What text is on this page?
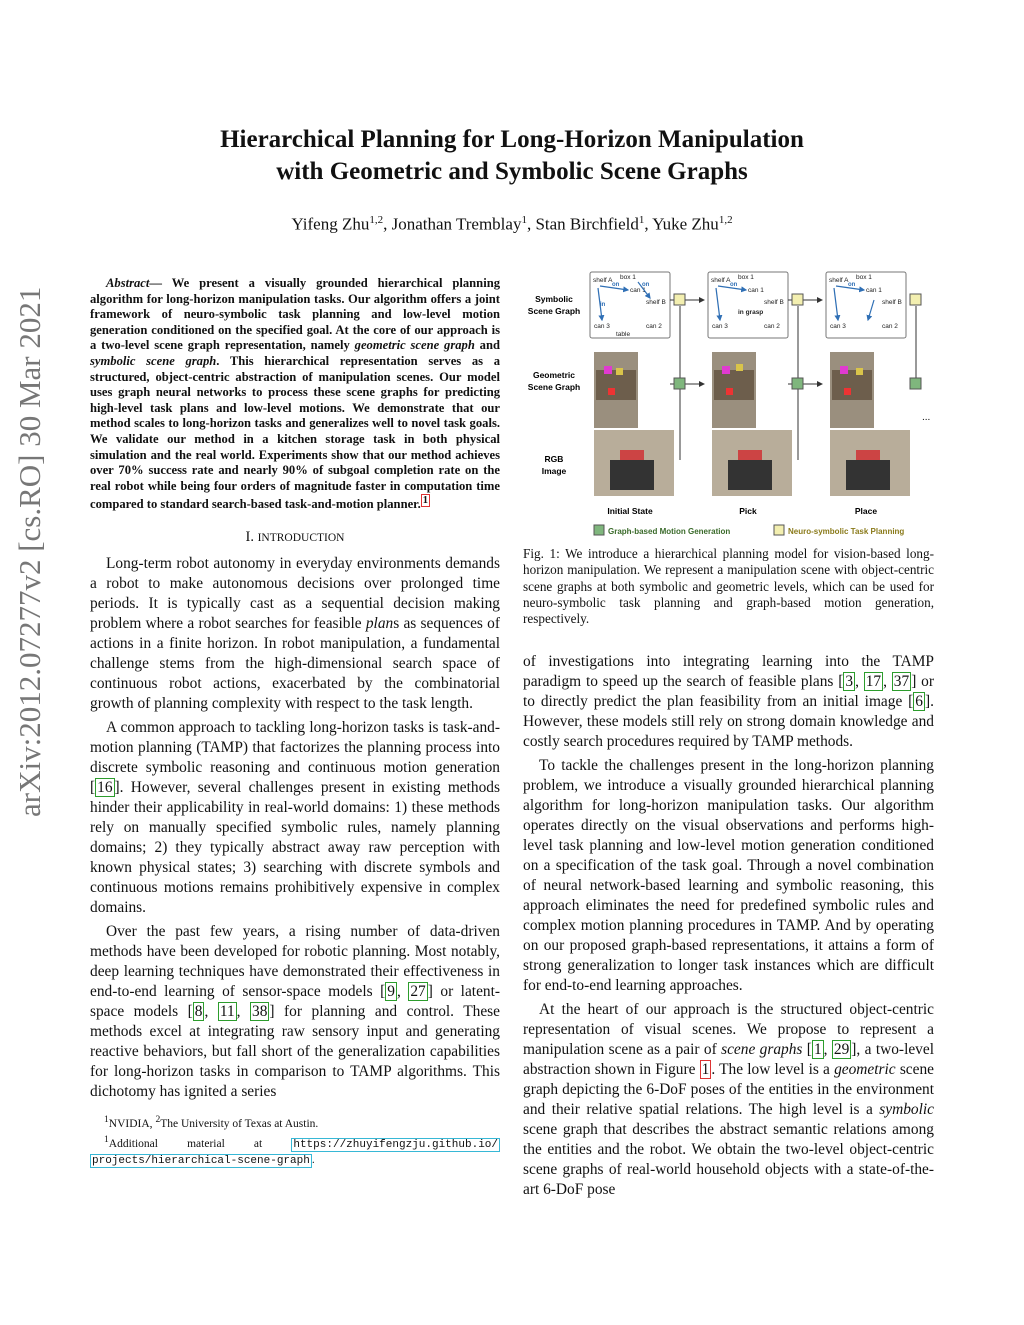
Hierarchical Planning for Long-Horizon Manipulation
with Geometric and Symbolic Scene Graphs
Yifeng Zhu$^{1,2}$, Jonathan Tremblay$^1$, Stan Birchfield$^1$, Yuke Zhu$^{1,2}$
arXiv:2012.07277v2 [cs.RO] 30 Mar 2021

Abstract— We present a visually grounded hierarchical planning algorithm for long-horizon manipulation tasks. Our algorithm offers a joint framework of neuro-symbolic task planning and low-level motion generation conditioned on the specified goal. At the core of our approach is a two-level scene graph representation, namely geometric scene graph and symbolic scene graph. This hierarchical representation serves as a structured, object-centric abstraction of manipulation scenes. Our model uses graph neural networks to process these scene graphs for predicting high-level task plans and low-level motions. We demonstrate that our method scales to long-horizon tasks and generalizes well to novel task goals. We validate our method in a kitchen storage task in both physical simulation and the real world. Experiments show that our method achieves over 70% success rate and nearly 90% of subgoal completion rate on the real robot while being four orders of magnitude faster in computation time compared to standard search-based task-and-motion planner. $^1$

I. INTRODUCTION

Long-term robot autonomy in everyday environments demands a robot to make autonomous decisions over prolonged time periods. It is typically cast as a sequential decision making problem where a robot searches for feasible plans as sequences of actions in a finite horizon. In robot manipulation, a fundamental challenge stems from the high-dimensional search space of continuous robot actions, exacerbated by the combinatorial growth of planning complexity with respect to the task length.

A common approach to tackling long-horizon tasks is task-and-motion planning (TAMP) that factorizes the planning process into discrete symbolic reasoning and continuous motion generation [ 16 ]. However, several challenges present in existing methods hinder their applicability in real-world domains: 1) these methods rely on manually specified symbolic rules, namely planning domains; 2) they typically abstract away raw perception with known physical states; 3) searching with discrete symbols and continuous motions remains prohibitively expensive in complex domains.

Over the past few years, a rising number of data-driven methods have been developed for robotic planning. Most notably, deep learning techniques have demonstrated their effectiveness in end-to-end learning of sensor-space models [ 9 , 27 ] or latent-space models [ 8 , 11 , 38 ] for planning and control. These methods excel at integrating raw sensory input and generating reactive behaviors, but fall short of the generalization capabilities for long-horizon tasks in comparison to TAMP algorithms. This dichotomy has ignited a series

$^1$NVIDIA, $^2$The University of Texas at Austin.
$^1$Additional material at https://zhuyifengzju.github.io/ projects/hierarchical-scene-graph .
Symbolic
Scene Graph
Geometric
Scene Graph
RGB
Image
shelf A box 1
can 1
shelf B
can 3	can 2
table
shelf A box 1
can 1
shelf B
can 3	can 2
in grasp
shelf A box 1
can 1
shelf B
can 3	can 2
on	on	on
in
on
...
Initial State	Pick	Place
Graph-based Motion Generation	Neuro-symbolic Task Planning
Fig. 1: We introduce a hierarchical planning model for vision-based long-horizon manipulation. We represent a manipulation scene with object-centric scene graphs at both symbolic and geometric levels, which can be used for neuro-symbolic task planning and graph-based motion generation, respectively.

of investigations into integrating learning into the TAMP paradigm to speed up the search of feasible plans [ 3 , 17 , 37 ] or to directly predict the plan feasibility from an initial image [ 6 ]. However, these models still rely on strong domain knowledge and costly search procedures required by TAMP methods.

To tackle the challenges present in the long-horizon planning problem, we introduce a visually grounded hierarchical planning algorithm for long-horizon manipulation tasks. Our algorithm operates directly on the visual observations and performs high-level task planning and low-level motion generation conditioned on a specification of the task goal. Through a novel combination of neural network-based learning and symbolic reasoning, this approach eliminates the need for predefined symbolic rules and complex motion planning procedures in TAMP. And by operating on our proposed graph-based representations, it attains a form of strong generalization to longer task instances which are difficult for end-to-end learning approaches.

At the heart of our approach is the structured object-centric representation of visual scenes. We propose to represent a manipulation scene as a pair of scene graphs [ 1 , 29 ], a two-level abstraction shown in Figure 1 . The low level is a geometric scene graph depicting the 6-DoF poses of the entities in the environment and their relative spatial relations. The high level is a symbolic scene graph that describes the abstract semantic relations among the entities and the robot. We obtain the two-level object-centric scene graphs of real-world household objects with a state-of-the-art 6-DoF pose
